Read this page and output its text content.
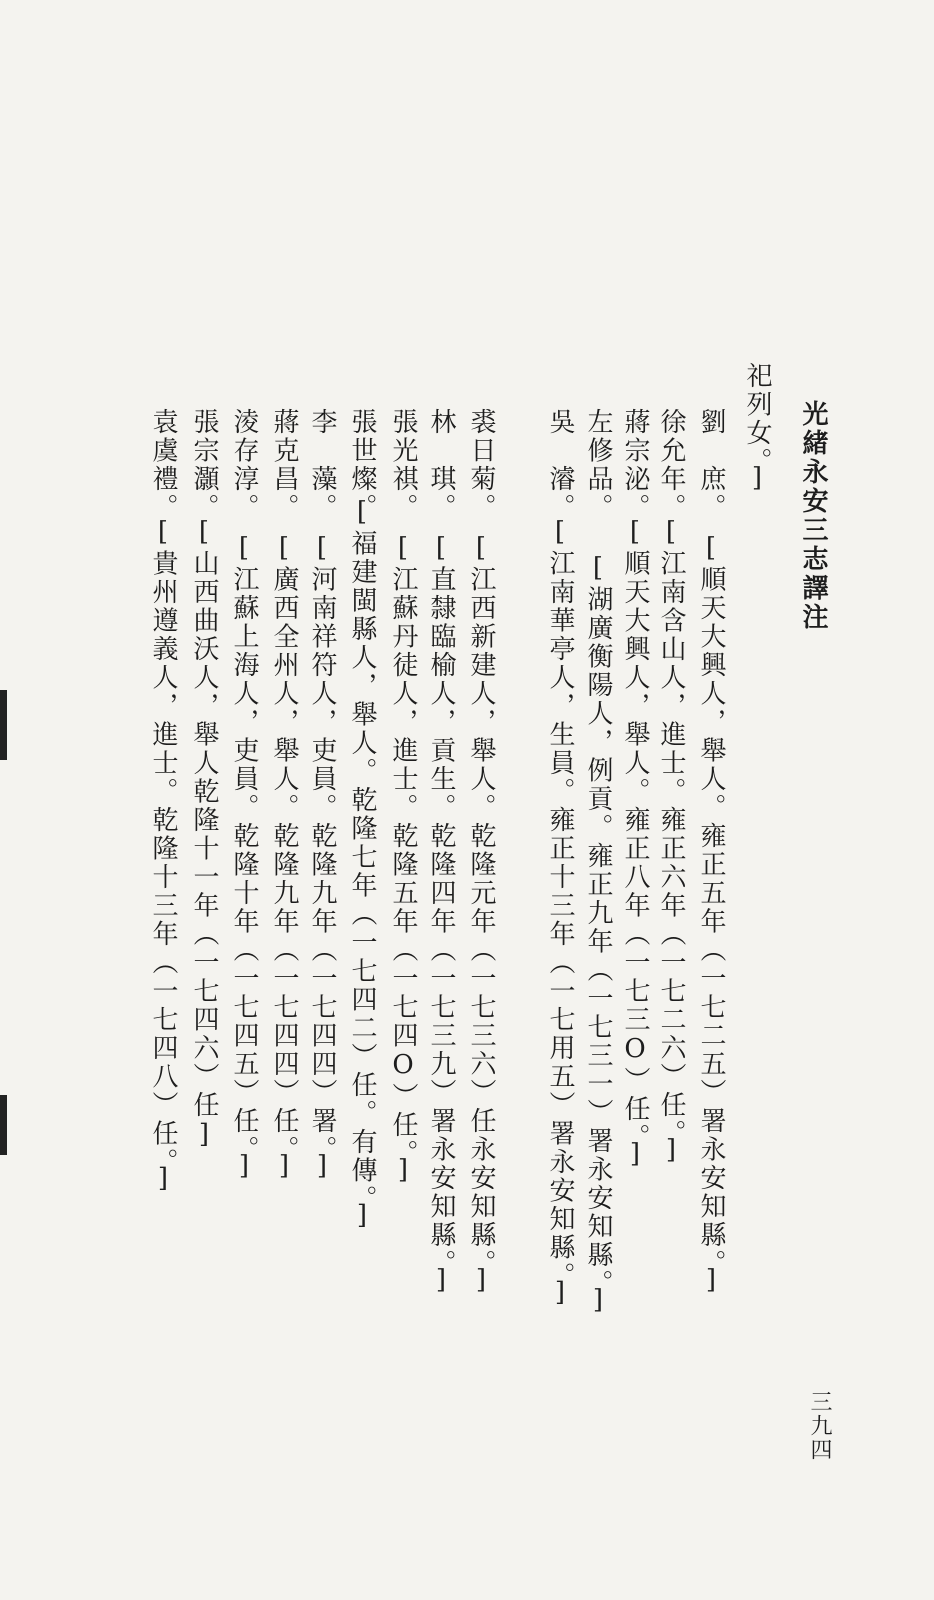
光緒永安三志譯注
三九四
祀列女。]
劉　庶。
[順天大興人，舉人。雍正五年（一七二五）署永安知縣。]
徐允年。
[江南含山人，進士。雍正六年（一七二六）任。]
蔣宗泌。
[順天大興人，舉人。雍正八年（一七三O）任。]
左修品。
[湖廣衡陽人，例貢。雍正九年（一七三一）署永安知縣。]
吳　濬。
[江南華亭人，生員。雍正十三年（一七用五）署永安知縣。]
裘日菊。
[江西新建人，舉人。乾隆元年（一七三六）任永安知縣。]
林　琪。
[直隸臨榆人，貢生。乾隆四年（一七三九）署永安知縣。]
張光祺。
[江蘇丹徒人，進士。乾隆五年（一七四O）任。]
張世燦。
[福建閩縣人，舉人。乾隆七年（一七四二）任。有傳。]
李　藻。
[河南祥符人，吏員。乾隆九年（一七四四）署。]
蔣克昌。
[廣西全州人，舉人。乾隆九年（一七四四）任。]
淩存淳。
[江蘇上海人，吏員。乾隆十年（一七四五）任。]
張宗灝。
[山西曲沃人，舉人乾隆十一年（一七四六）任]
袁虞禮。
[貴州遵義人，進士。乾隆十三年（一七四八）任。]
